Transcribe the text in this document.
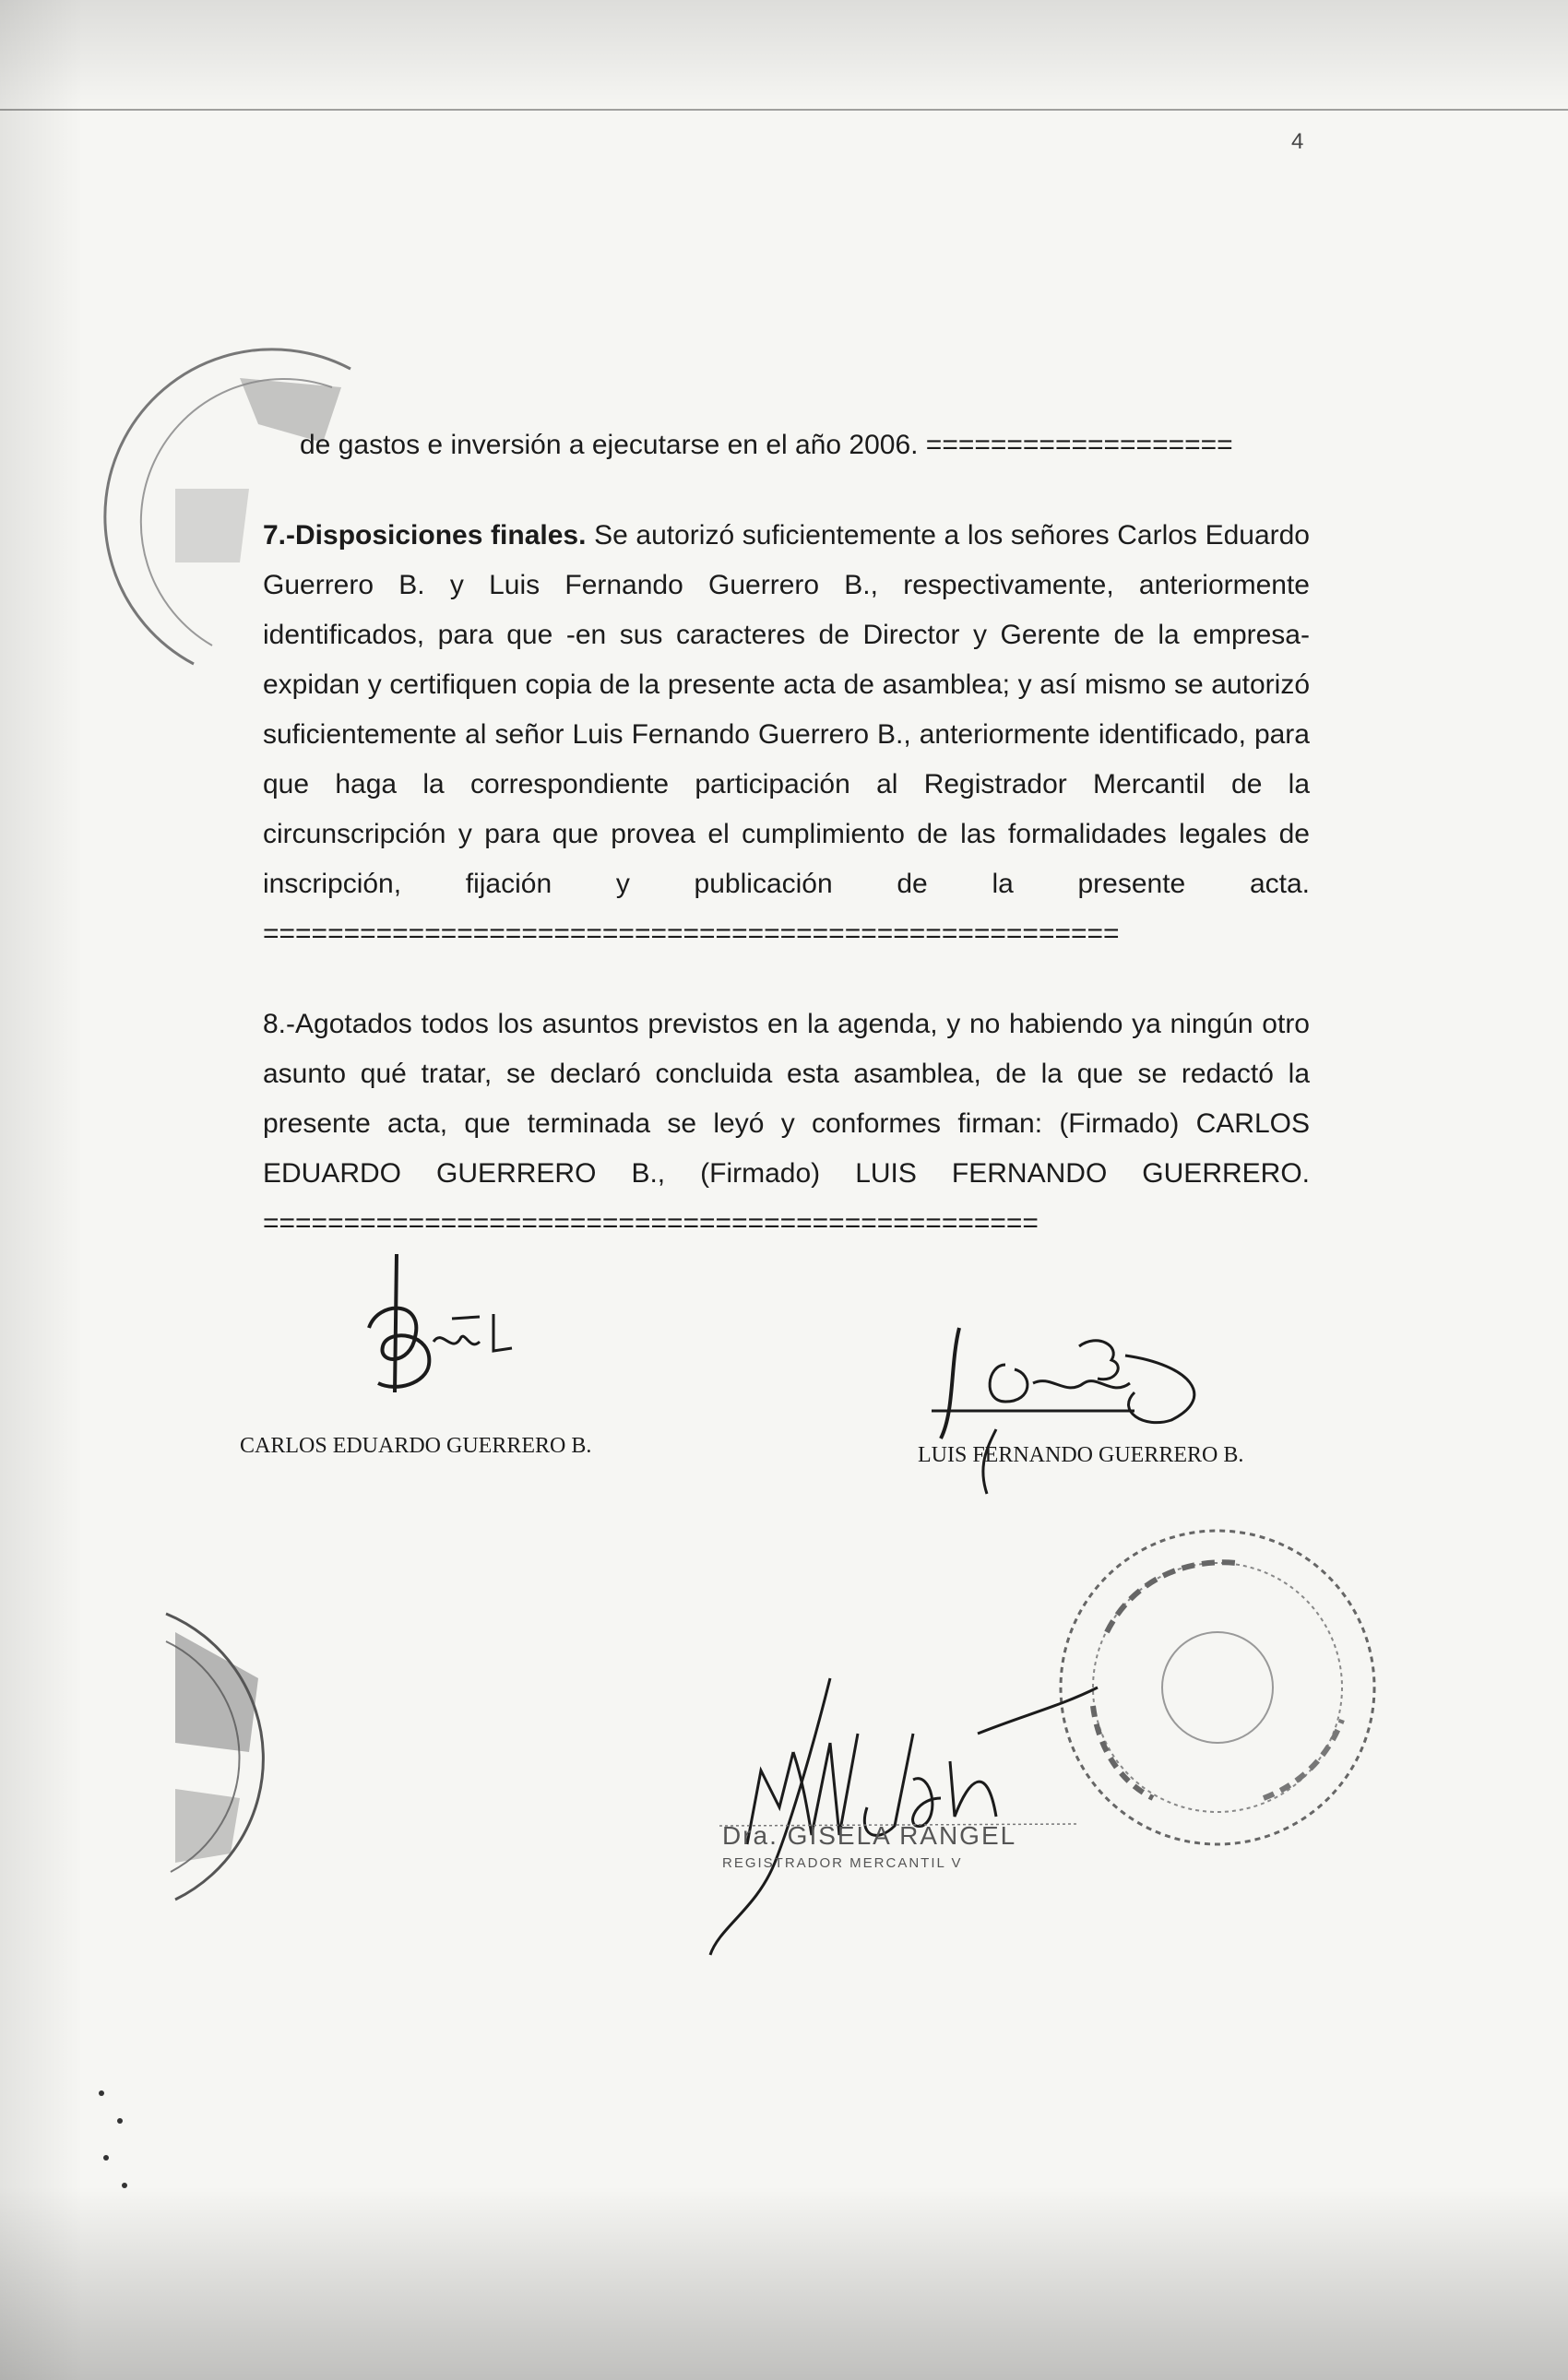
4
de gastos e inversión a ejecutarse en el año 2006. ===================
7.-Disposiciones finales. Se autorizó suficientemente a los señores Carlos Eduardo Guerrero B. y Luis Fernando Guerrero B., respectivamente, anteriormente identificados, para que -en sus caracteres de Director y Gerente de la empresa- expidan y certifiquen copia de la presente acta de asamblea; y así mismo se autorizó suficientemente al señor Luis Fernando Guerrero B., anteriormente identificado, para que haga la correspondiente participación al Registrador Mercantil de la circunscripción y para que provea el cumplimiento de las formalidades legales de inscripción, fijación y publicación de la presente acta. =====================================================
8.-Agotados todos los asuntos previstos en la agenda, y no habiendo ya ningún otro asunto qué tratar, se declaró concluida esta asamblea, de la que se redactó la presente acta, que terminada se leyó y conformes firman: (Firmado) CARLOS EDUARDO GUERRERO B., (Firmado) LUIS FERNANDO GUERRERO. ================================================
CARLOS EDUARDO GUERRERO B.	LUIS FERNANDO GUERRERO B.
Dra. GISELA RANGEL
REGISTRADOR MERCANTIL V
